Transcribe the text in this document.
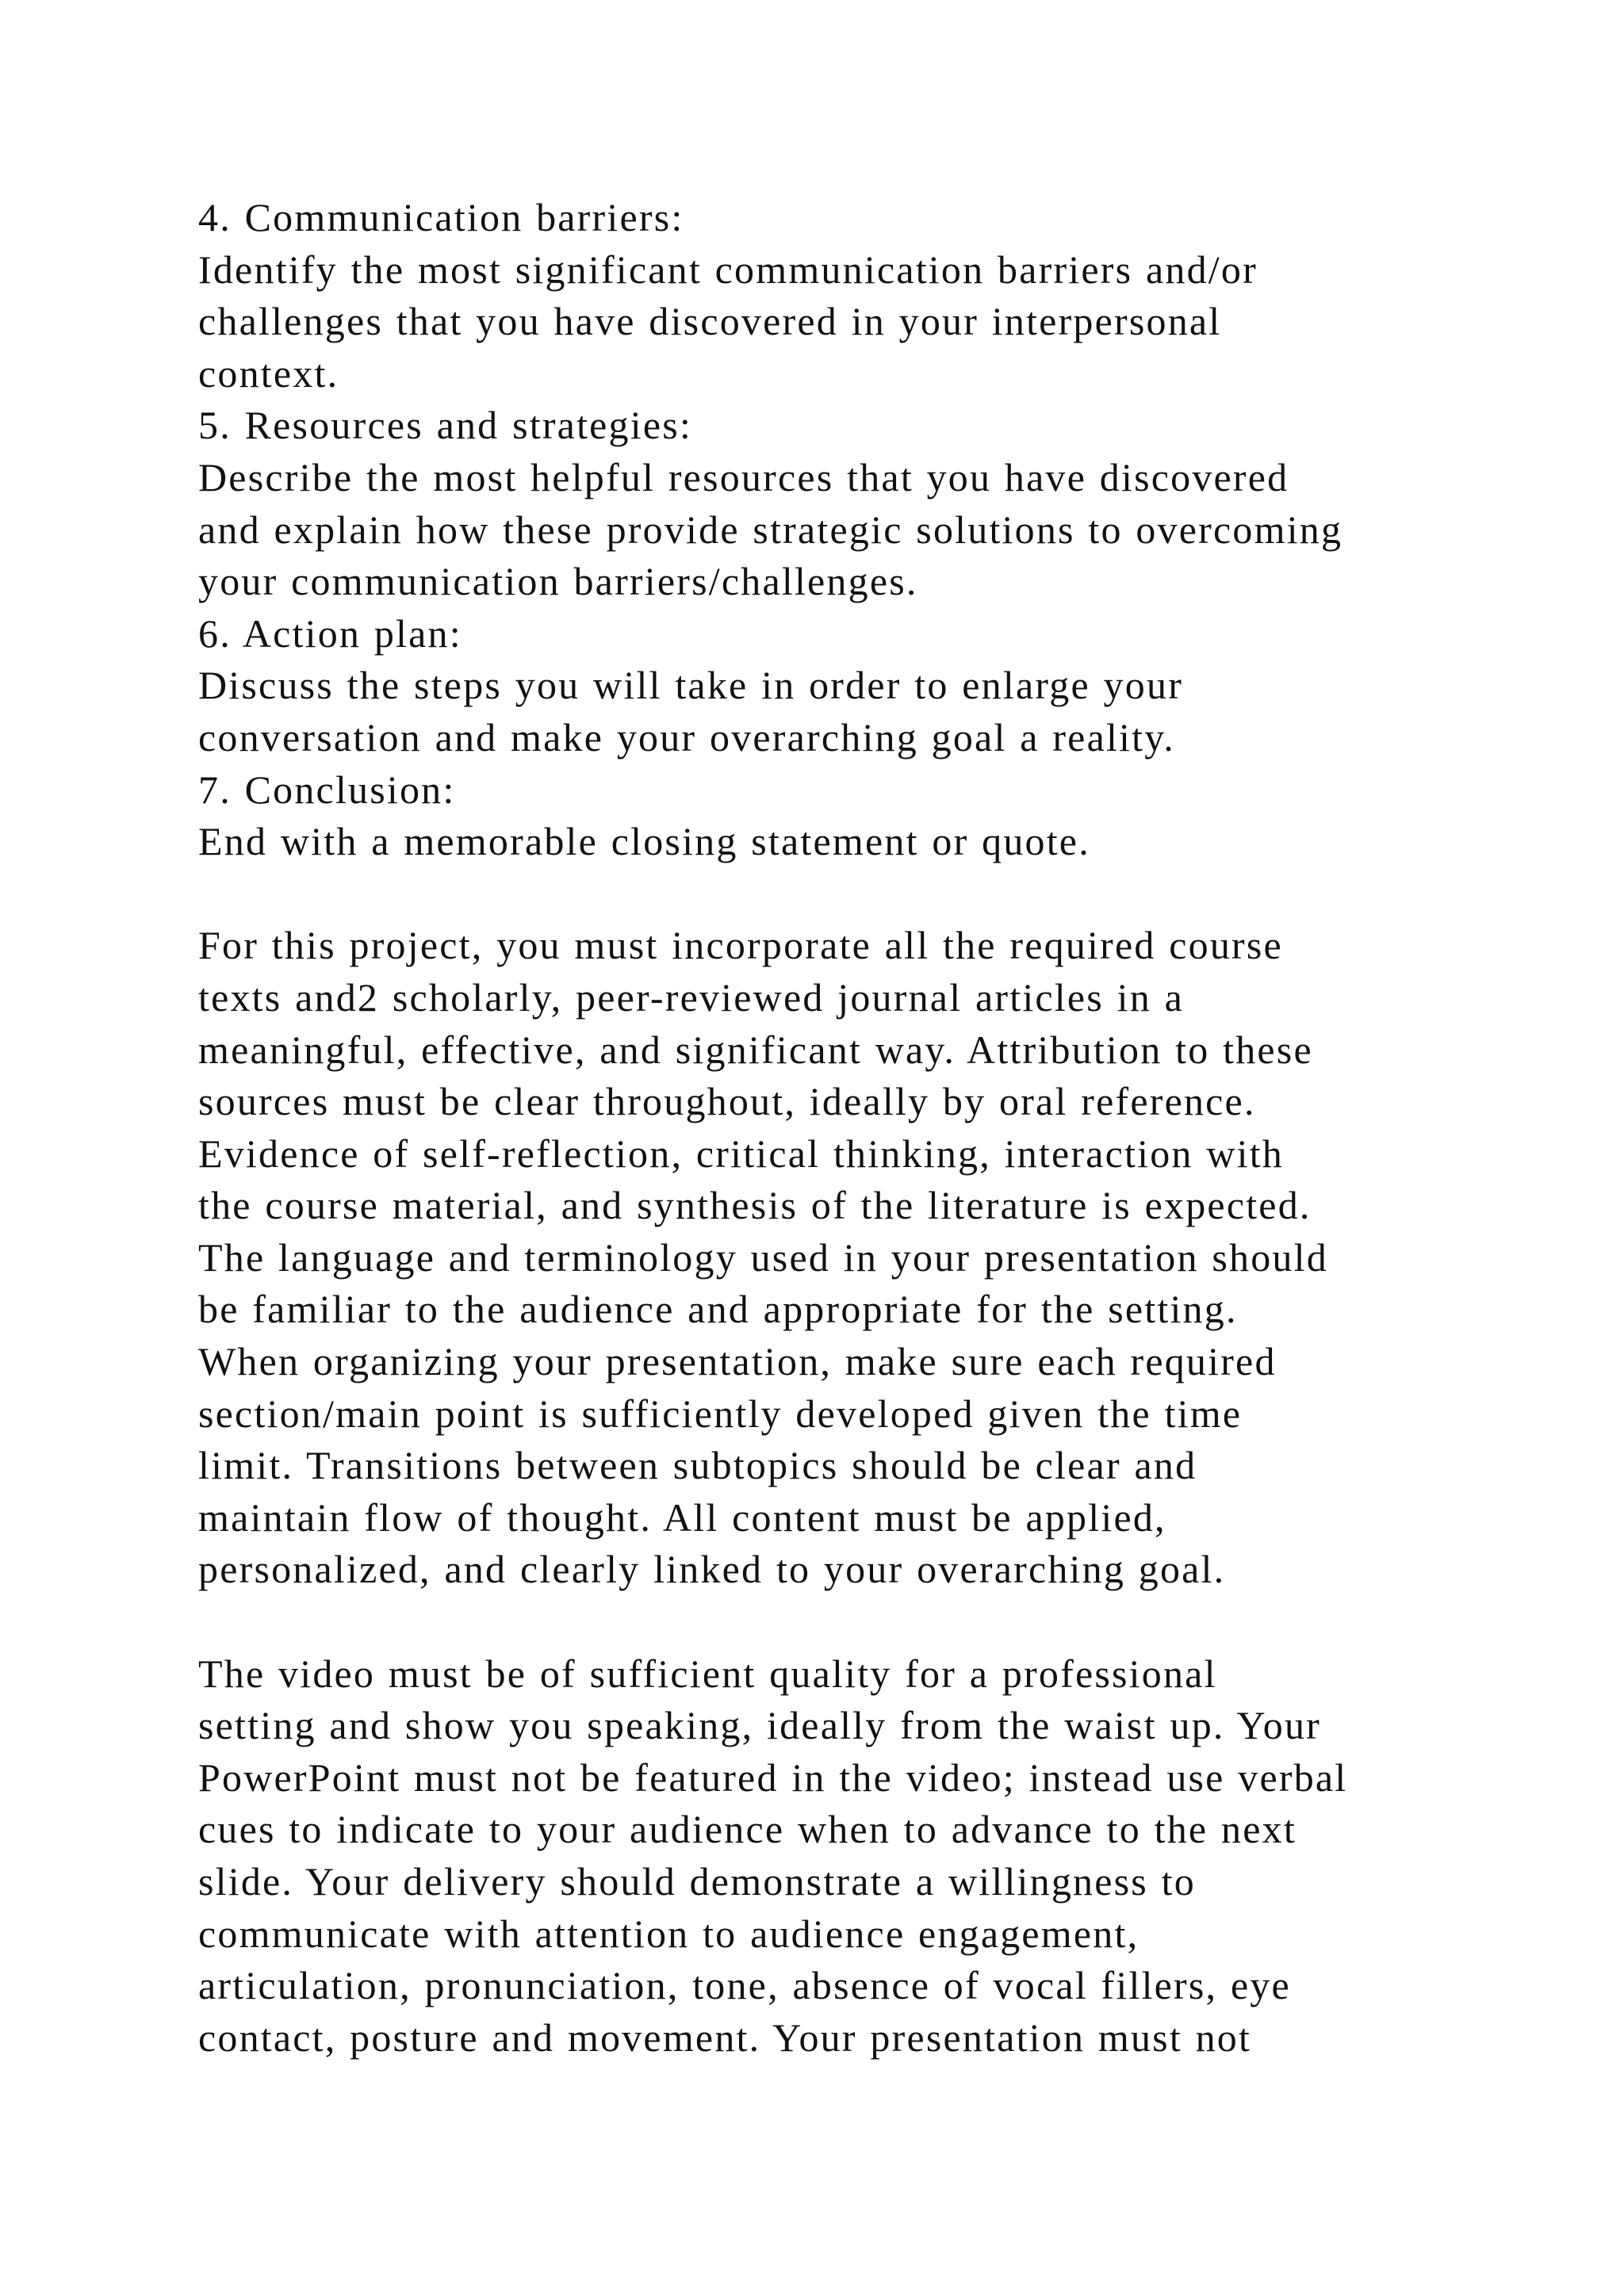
4. Communication barriers:
Identify the most significant communication barriers and/or
challenges that you have discovered in your interpersonal
context.
5. Resources and strategies:
Describe the most helpful resources that you have discovered
and explain how these provide strategic solutions to overcoming
your communication barriers/challenges.
6. Action plan:
Discuss the steps you will take in order to enlarge your
conversation and make your overarching goal a reality.
7. Conclusion:
End with a memorable closing statement or quote.
For this project, you must incorporate all the required course
texts and2 scholarly, peer-reviewed journal articles in a
meaningful, effective, and significant way. Attribution to these
sources must be clear throughout, ideally by oral reference.
Evidence of self-reflection, critical thinking, interaction with
the course material, and synthesis of the literature is expected.
The language and terminology used in your presentation should
be familiar to the audience and appropriate for the setting.
When organizing your presentation, make sure each required
section/main point is sufficiently developed given the time
limit. Transitions between subtopics should be clear and
maintain flow of thought. All content must be applied,
personalized, and clearly linked to your overarching goal.
The video must be of sufficient quality for a professional
setting and show you speaking, ideally from the waist up. Your
PowerPoint must not be featured in the video; instead use verbal
cues to indicate to your audience when to advance to the next
slide. Your delivery should demonstrate a willingness to
communicate with attention to audience engagement,
articulation, pronunciation, tone, absence of vocal fillers, eye
contact, posture and movement. Your presentation must not
